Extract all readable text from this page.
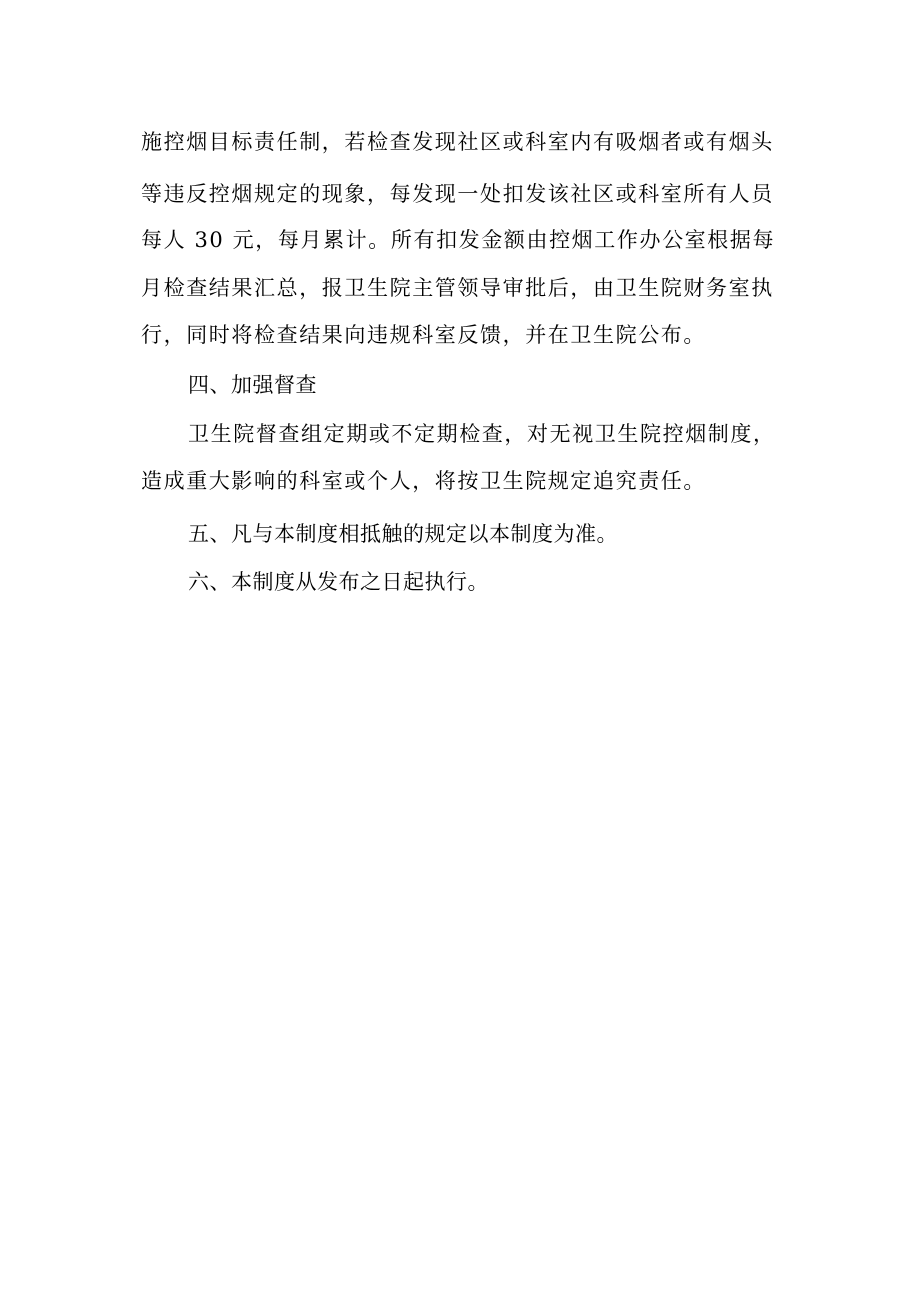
施控烟目标责任制，若检查发现社区或科室内有吸烟者或有烟头
等违反控烟规定的现象，每发现一处扣发该社区或科室所有人员
每人 30 元，每月累计。所有扣发金额由控烟工作办公室根据每
月检查结果汇总，报卫生院主管领导审批后，由卫生院财务室执
行，同时将检查结果向违规科室反馈，并在卫生院公布。
四、加强督查
卫生院督查组定期或不定期检查，对无视卫生院控烟制度，
造成重大影响的科室或个人，将按卫生院规定追究责任。
五、凡与本制度相抵触的规定以本制度为准。
六、本制度从发布之日起执行。
